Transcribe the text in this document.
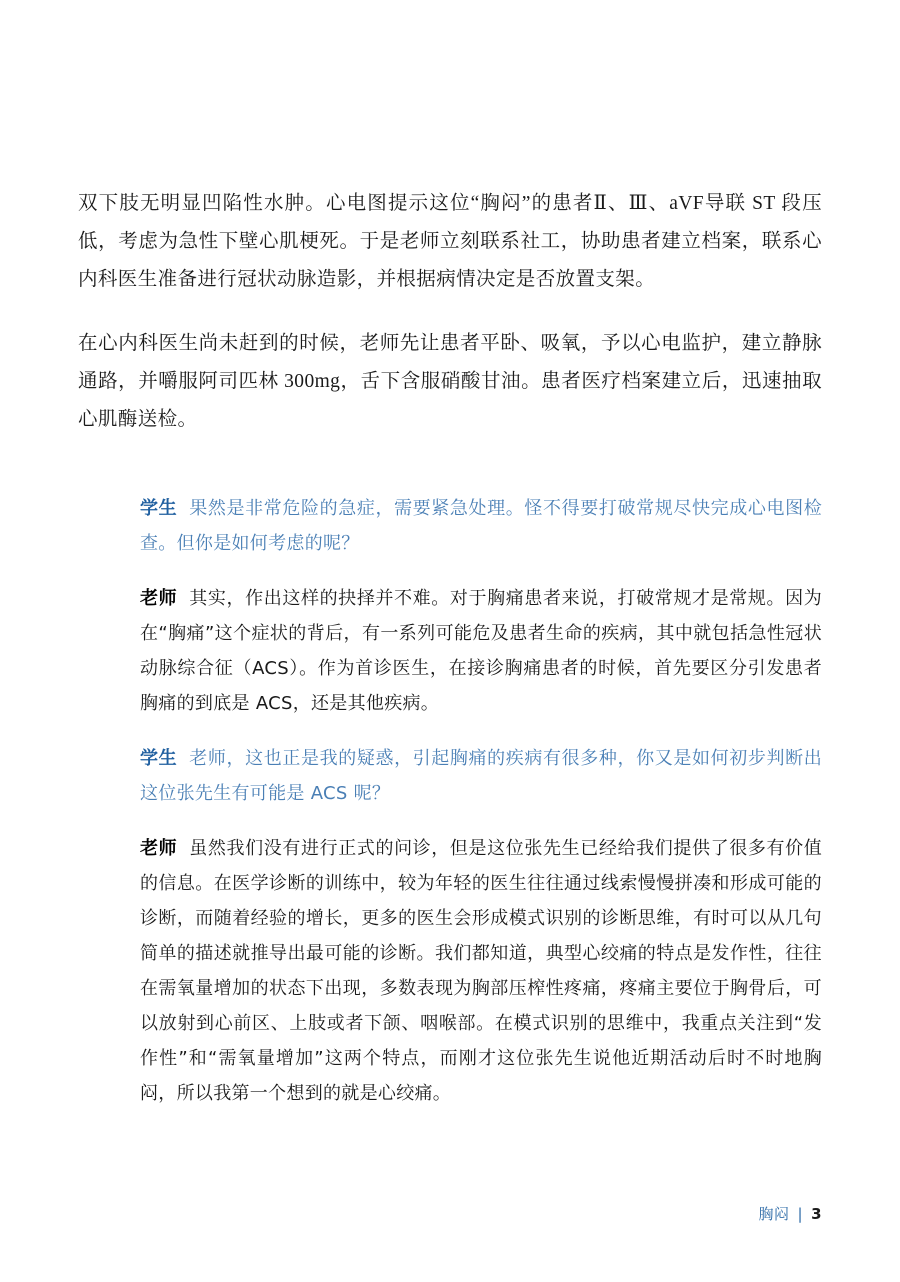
双下肢无明显凹陷性水肿。心电图提示这位“胸闷”的患者Ⅱ、Ⅲ、aVF导联 ST 段压低，考虑为急性下壁心肌梗死。于是老师立刻联系社工，协助患者建立档案，联系心内科医生准备进行冠状动脉造影，并根据病情决定是否放置支架。

在心内科医生尚未赶到的时候，老师先让患者平卧、吸氧，予以心电监护，建立静脉通路，并嚼服阿司匹林 300mg，舌下含服硝酸甘油。患者医疗档案建立后，迅速抽取心肌酶送检。

学生 果然是非常危险的急症，需要紧急处理。怪不得要打破常规尽快完成心电图检查。但你是如何考虑的呢？

老师 其实，作出这样的抉择并不难。对于胸痛患者来说，打破常规才是常规。因为在“胸痛”这个症状的背后，有一系列可能危及患者生命的疾病，其中就包括急性冠状动脉综合征（ACS）。作为首诊医生，在接诊胸痛患者的时候，首先要区分引发患者胸痛的到底是 ACS，还是其他疾病。

学生 老师，这也正是我的疑惑，引起胸痛的疾病有很多种，你又是如何初步判断出这位张先生有可能是 ACS 呢？

老师 虽然我们没有进行正式的问诊，但是这位张先生已经给我们提供了很多有价值的信息。在医学诊断的训练中，较为年轻的医生往往通过线索慢慢拼凑和形成可能的诊断，而随着经验的增长，更多的医生会形成模式识别的诊断思维，有时可以从几句简单的描述就推导出最可能的诊断。我们都知道，典型心绞痛的特点是发作性，往往在需氧量增加的状态下出现，多数表现为胸部压榨性疼痛，疼痛主要位于胸骨后，可以放射到心前区、上肢或者下颌、咽喉部。在模式识别的思维中，我重点关注到“发作性”和“需氧量增加”这两个特点，而刚才这位张先生说他近期活动后时不时地胸闷，所以我第一个想到的就是心绞痛。

胸闷 | 3
